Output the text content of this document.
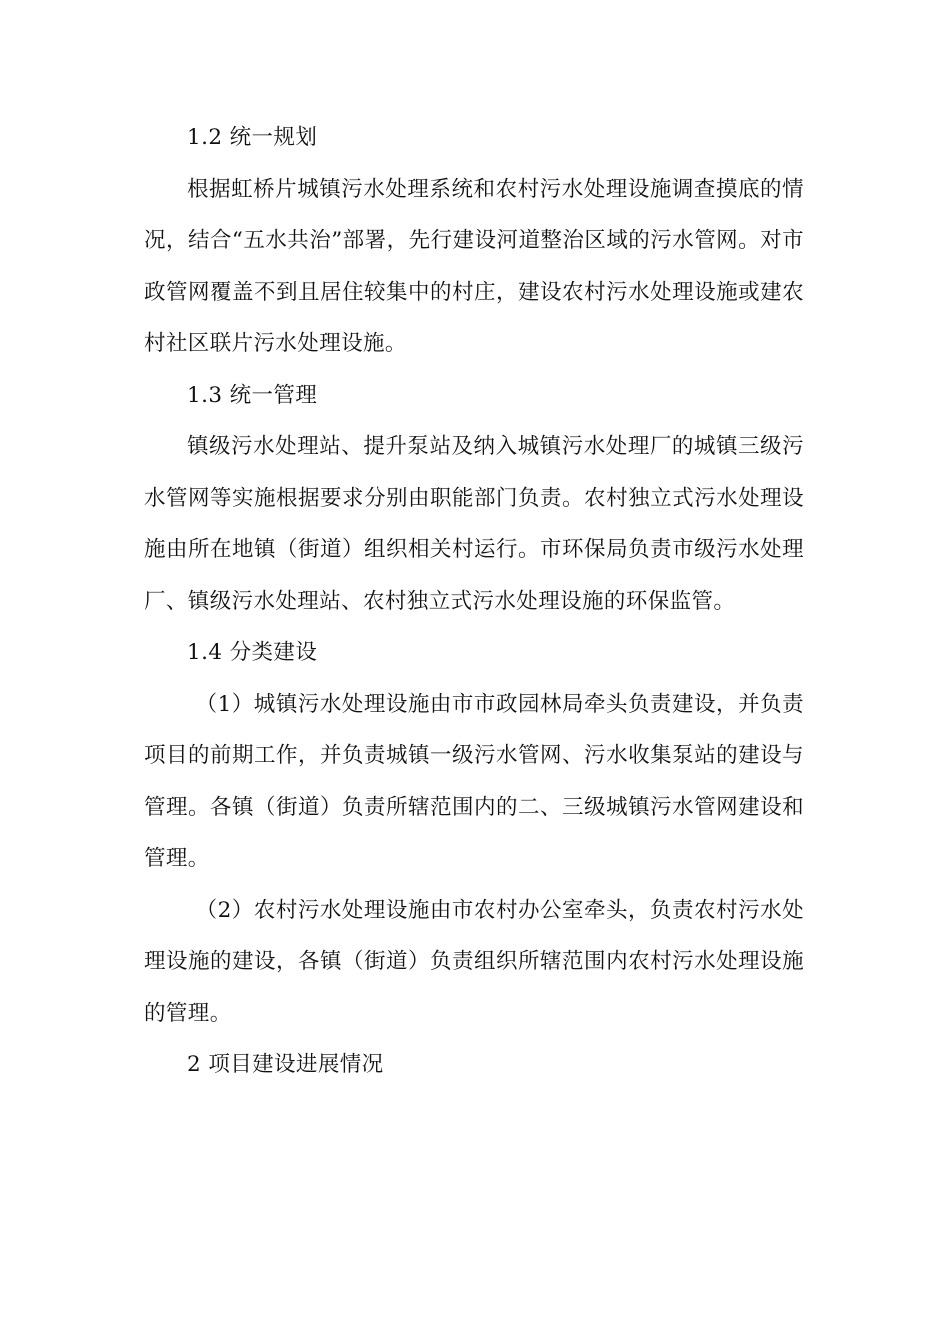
1.2 统一规划

根据虹桥片城镇污水处理系统和农村污水处理设施调查摸底的情况，结合“五水共治”部署，先行建设河道整治区域的污水管网。对市政管网覆盖不到且居住较集中的村庄，建设农村污水处理设施或建农村社区联片污水处理设施。

1.3 统一管理

镇级污水处理站、提升泵站及纳入城镇污水处理厂的城镇三级污水管网等实施根据要求分别由职能部门负责。农村独立式污水处理设施由所在地镇（街道）组织相关村运行。市环保局负责市级污水处理厂、镇级污水处理站、农村独立式污水处理设施的环保监管。

1.4 分类建设

（1）城镇污水处理设施由市市政园林局牵头负责建设，并负责项目的前期工作，并负责城镇一级污水管网、污水收集泵站的建设与管理。各镇（街道）负责所辖范围内的二、三级城镇污水管网建设和管理。

（2）农村污水处理设施由市农村办公室牵头，负责农村污水处理设施的建设，各镇（街道）负责组织所辖范围内农村污水处理设施的管理。

2 项目建设进展情况
